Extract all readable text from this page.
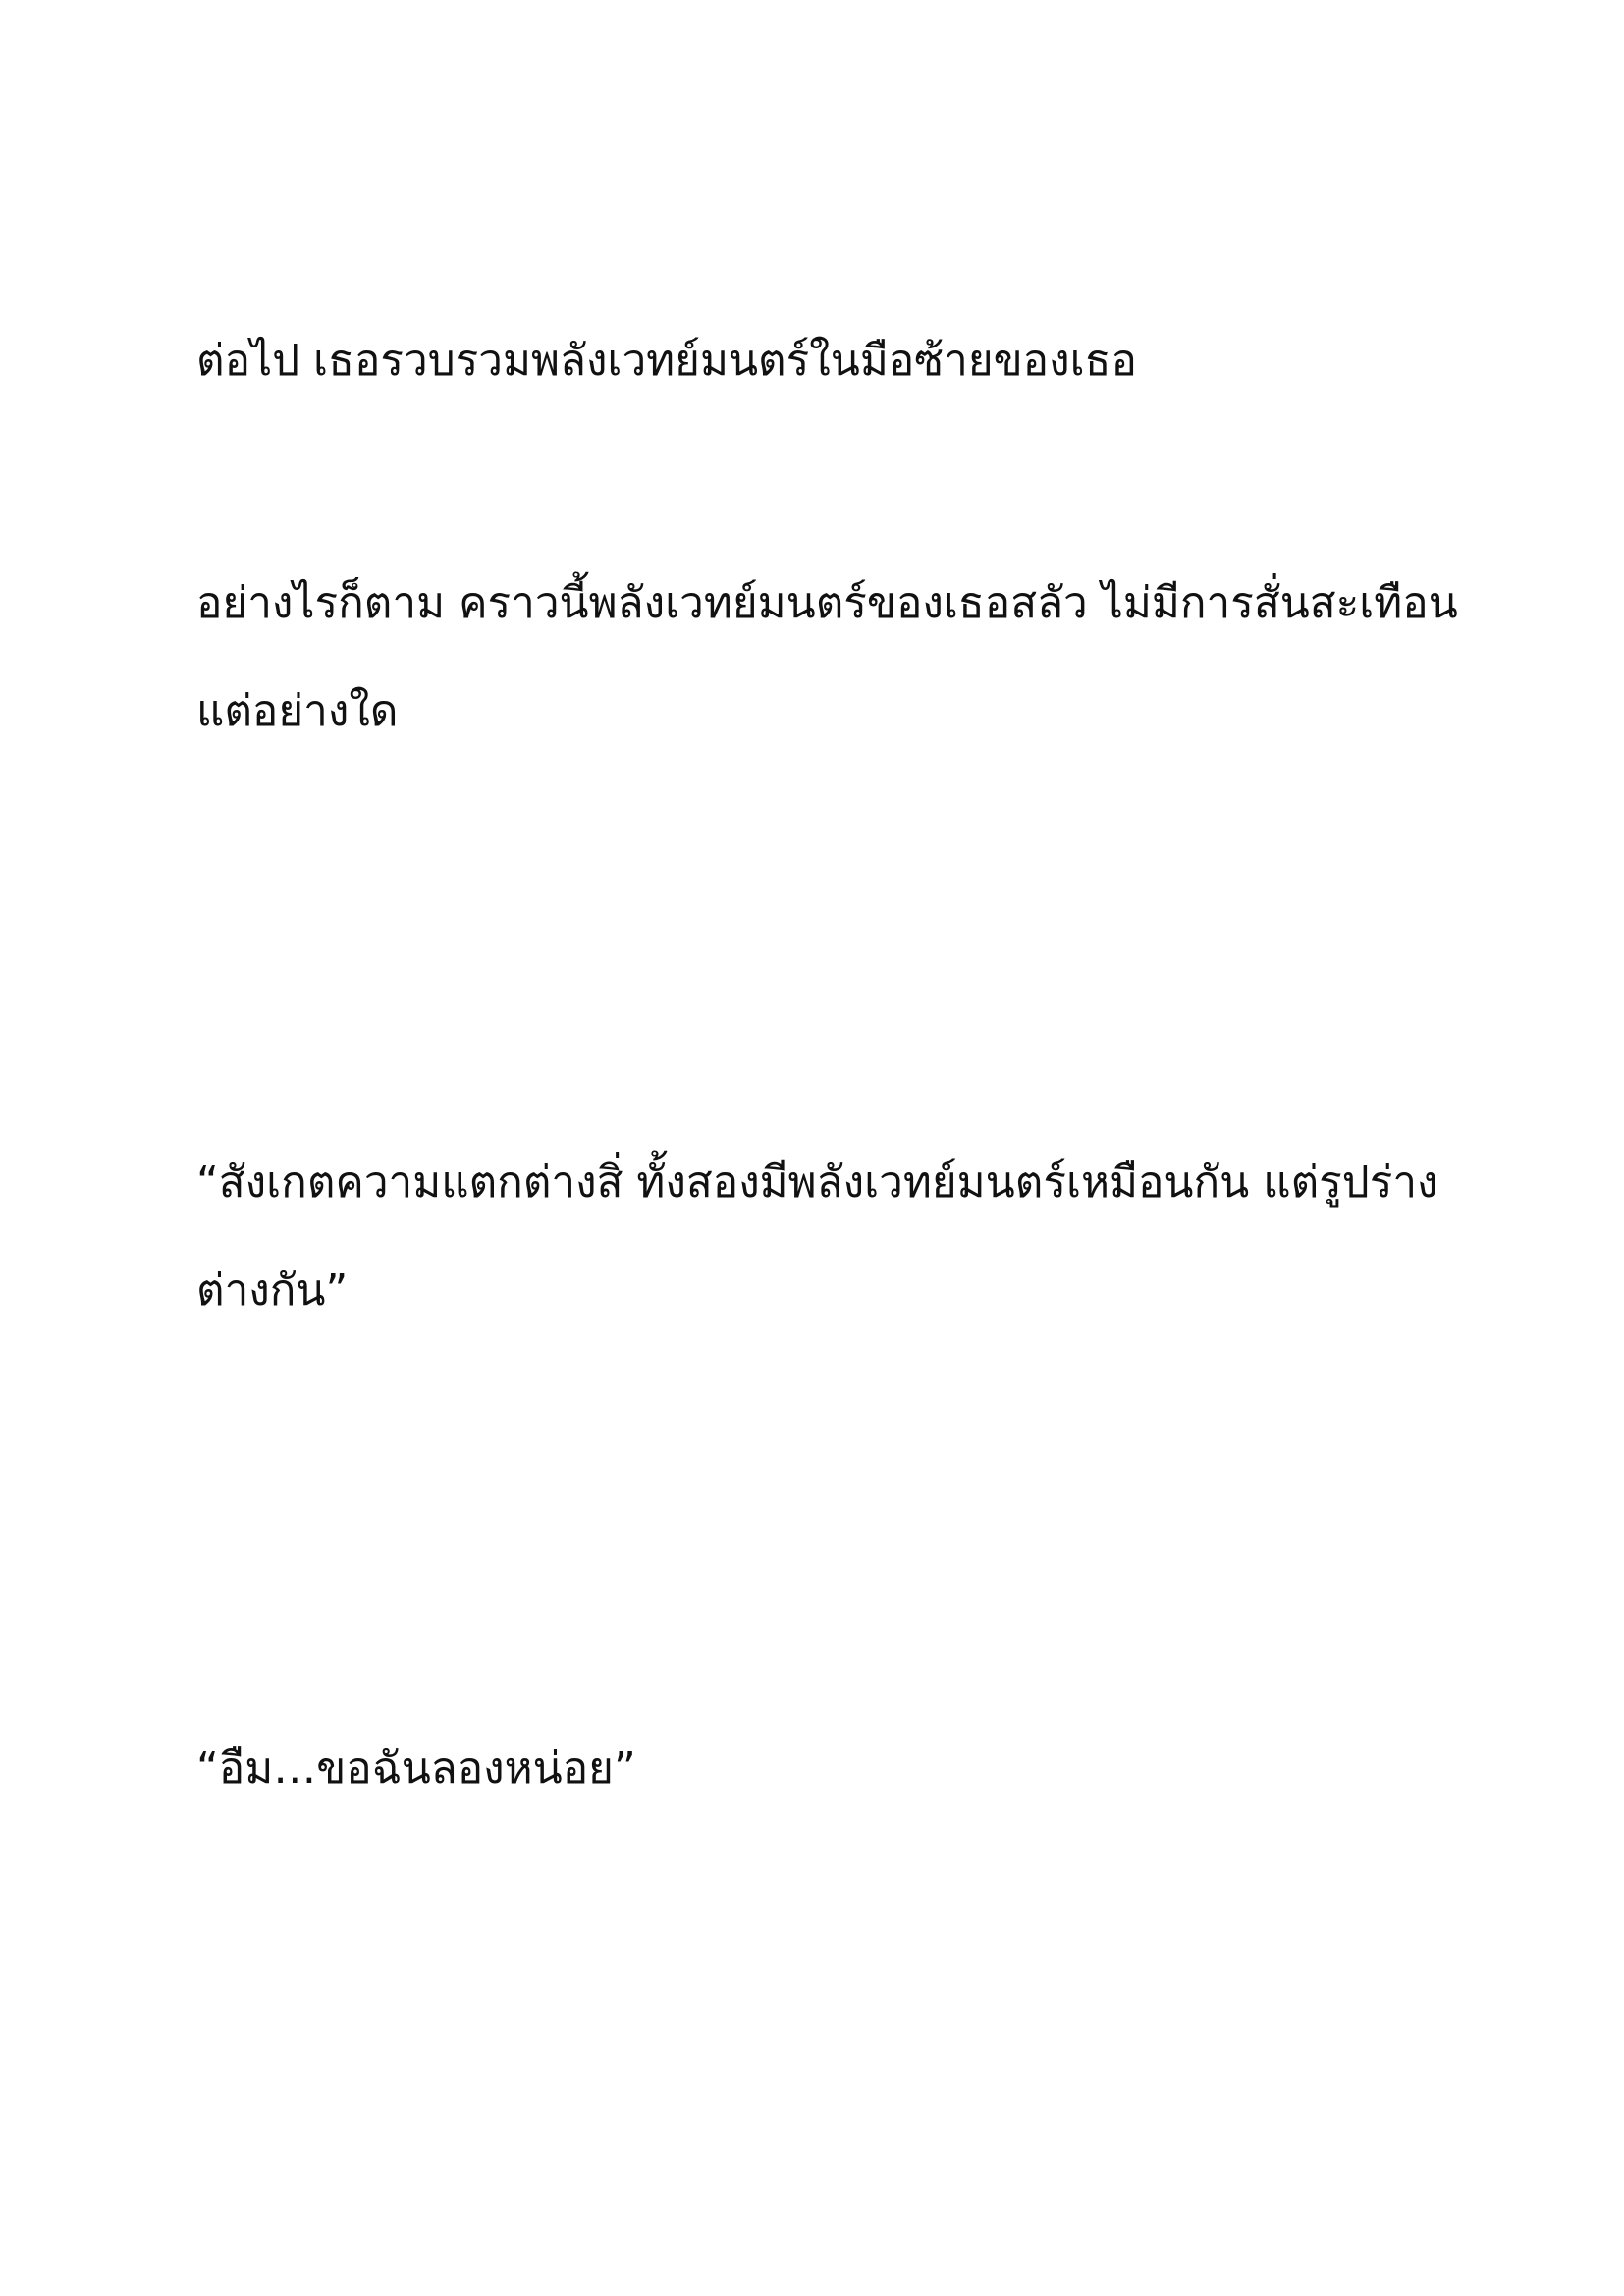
ต่อไป เธอรวบรวมพลังเวทย์มนตร์ในมือซ้ายของเธอ

อย่างไรก็ตาม คราวนี้พลังเวทย์มนตร์ของเธอสลัว ไม่มีการสั่นสะเทือน
แต่อย่างใด

“สังเกตความแตกต่างสิ่ ทั้งสองมีพลังเวทย์มนตร์เหมือนกัน แต่รูปร่าง
ต่างกัน”

“อืม…ขอฉันลองหน่อย”
